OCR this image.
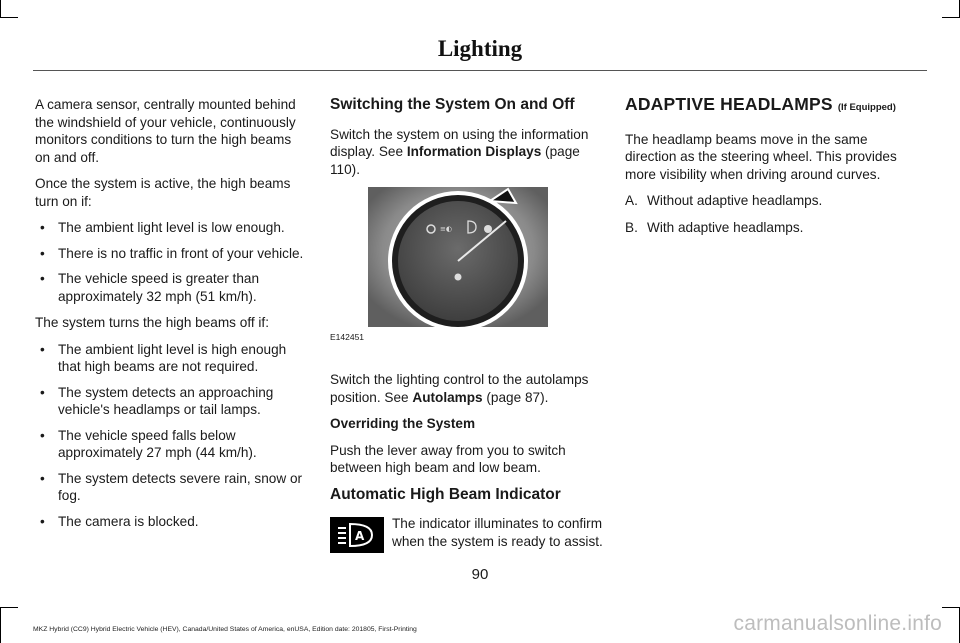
Lighting

A camera sensor, centrally mounted behind the windshield of your vehicle, continuously monitors conditions to turn the high beams on and off.

Once the system is active, the high beams turn on if:

• The ambient light level is low enough.
• There is no traffic in front of your vehicle.
• The vehicle speed is greater than approximately 32 mph (51 km/h).

The system turns the high beams off if:

• The ambient light level is high enough that high beams are not required.
• The system detects an approaching vehicle's headlamps or tail lamps.
• The vehicle speed falls below approximately 27 mph (44 km/h).
• The system detects severe rain, snow or fog.
• The camera is blocked.
Switching the System On and Off

Switch the system on using the information display. See Information Displays (page 110).

≡◐
E142451

Switch the lighting control to the autolamps position. See Autolamps (page 87).

Overriding the System

Push the lever away from you to switch between high beam and low beam.

Automatic High Beam Indicator
A
The indicator illuminates to confirm when the system is ready to assist.
ADAPTIVE HEADLAMPS (If Equipped)

The headlamp beams move in the same direction as the steering wheel. This provides more visibility when driving around curves.

A. Without adaptive headlamps.
B. With adaptive headlamps.
90
MKZ Hybrid (CC9) Hybrid Electric Vehicle (HEV), Canada/United States of America, enUSA, Edition date: 201805, First-Printing	carmanualsonline.info
